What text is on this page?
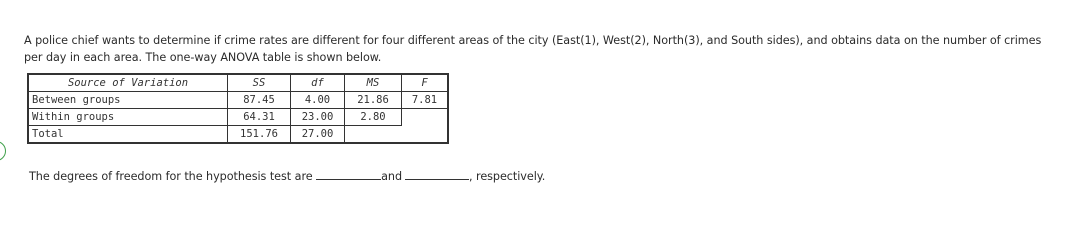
A police chief wants to determine if crime rates are different for four different areas of the city (East(1), West(2), North(3), and South sides), and obtains data on the number of crimes per day in each area. The one-way ANOVA table is shown below.

Source of Variation	SS	df	MS	F
Between groups	87.45	4.00	21.86	7.81
Within groups	64.31	23.00	2.80	
Total	151.76	27.00		
The degrees of freedom for the hypothesis test are	and	, respectively.
